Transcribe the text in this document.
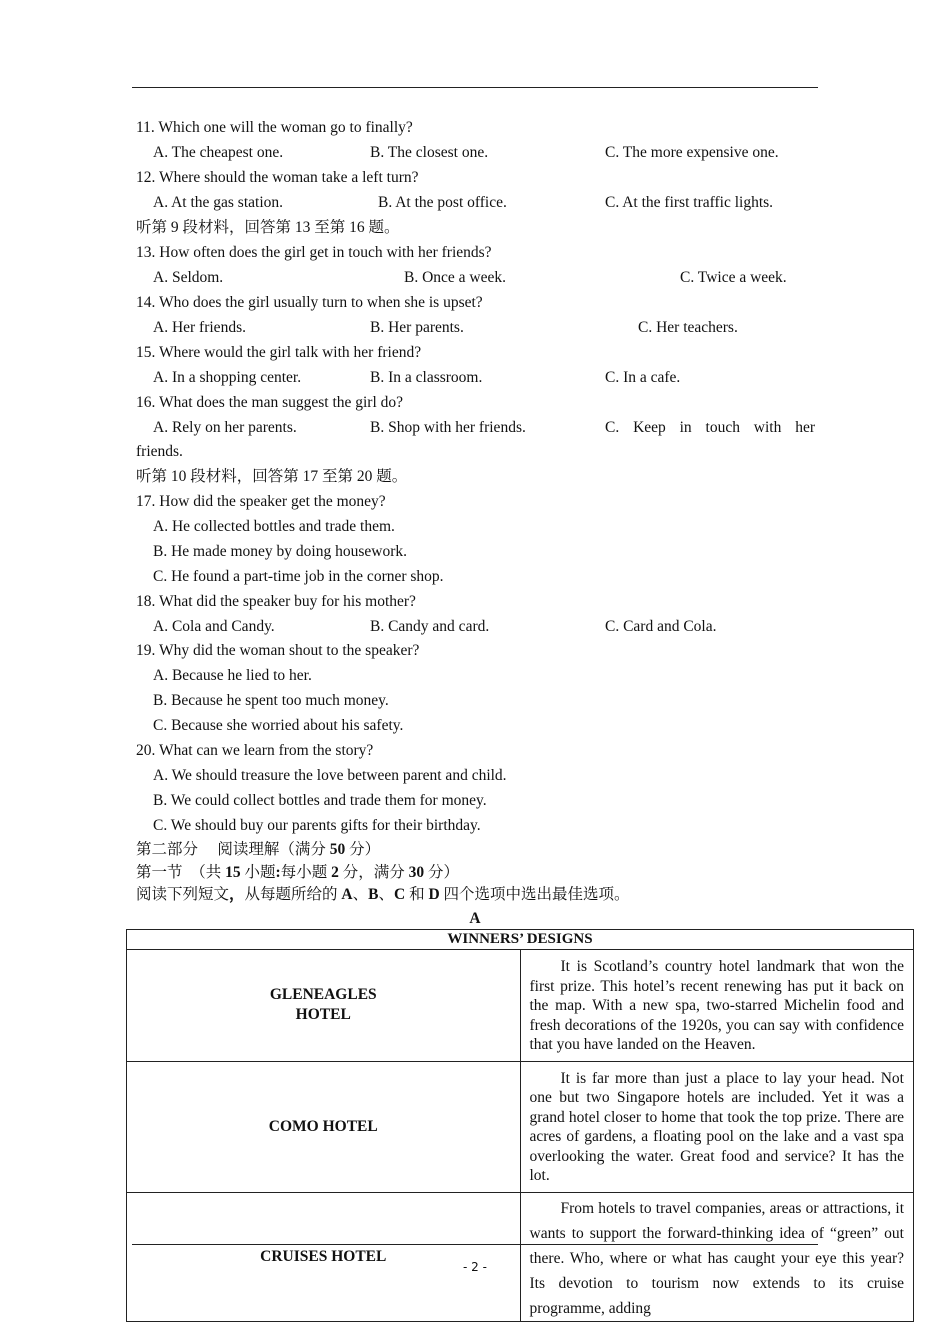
11. Which one will the woman go to finally?
A. The cheapest one.	B. The closest one.	C. The more expensive one.
12. Where should the woman take a left turn?
A. At the gas station.	B. At the post office.	C. At the first traffic lights.
听第 9 段材料，回答第 13 至第 16 题。
13. How often does the girl get in touch with her friends?
A. Seldom.	B. Once a week.	C. Twice a week.
14. Who does the girl usually turn to when she is upset?
A. Her friends.	B. Her parents.	C. Her teachers.
15. Where would the girl talk with her friend?
A. In a shopping center.	B. In a classroom.	C. In a cafe.
16. What does the man suggest the girl do?
A. Rely on her parents.	B. Shop with her friends.	C. Keep in touch with her
friends.
听第 10 段材料，回答第 17 至第 20 题。
17. How did the speaker get the money?
A. He collected bottles and trade them.
B. He made money by doing housework.
C. He found a part-time job in the corner shop.
18. What did the speaker buy for his mother?
A. Cola and Candy.	B. Candy and card.	C. Card and Cola.
19. Why did the woman shout to the speaker?
A. Because he lied to her.
B. Because he spent too much money.
C. Because she worried about his safety.
20. What can we learn from the story?
A. We should treasure the love between parent and child.
B. We could collect bottles and trade them for money.
C. We should buy our parents gifts for their birthday.
第二部分　 阅读理解（满分 50 分）
第一节　（共 15 小题:每小题 2 分，满分 30 分）
阅读下列短文，从每题所给的 A、B、C 和 D 四个选项中选出最佳选项。
A
WINNERS’ DESIGNS	

GLENEAGLES
HOTEL	It is Scotland’s country hotel landmark that won the first prize. This hotel’s recent renewing has put it back on the map. With a new spa, two-starred Michelin food and fresh decorations of the 1920s, you can say with confidence that you have landed on the Heaven.

COMO HOTEL	It is far more than just a place to lay your head. Not one but two Singapore hotels are included. Yet it was a grand hotel closer to home that took the top prize. There are acres of gardens, a floating pool on the lake and a vast spa overlooking the water. Great food and service? It has the lot.

CRUISES HOTEL	From hotels to travel companies, areas or attractions, it wants to support the forward-thinking idea of “green” out there. Who, where or what has caught your eye this year? Its devotion to tourism now extends to its cruise programme, adding
- 2 -
